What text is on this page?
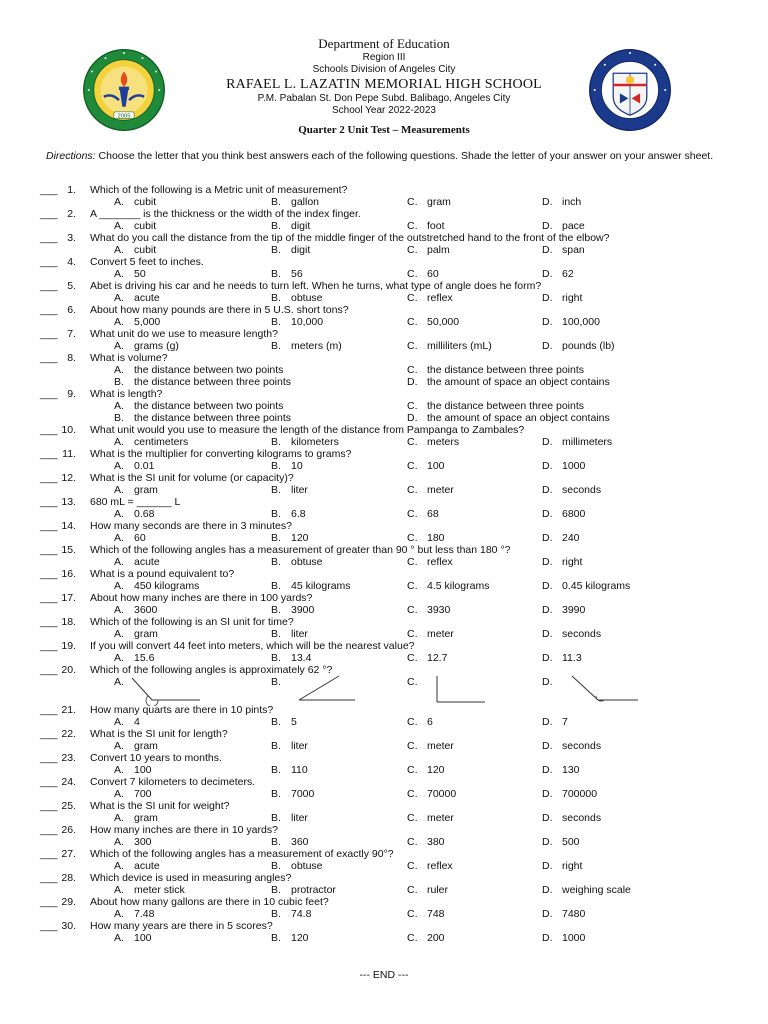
2005
Department of Education
Region III
Schools Division of Angeles City
RAFAEL L. LAZATIN MEMORIAL HIGH SCHOOL
P.M. Pabalan St. Don Pepe Subd. Balibago, Angeles City
School Year 2022-2023
Quarter 2 Unit Test – Measurements
Directions: Choose the letter that you think best answers each of the following questions. Shade the letter of your answer on your answer sheet.
___ 1. Which of the following is a Metric unit of measurement?
A. cubit	B. gallon	C. gram	D. inch
___ 2. A _______ is the thickness or the width of the index finger.
A. cubit	B. digit	C. foot	D. pace
___ 3. What do you call the distance from the tip of the middle finger of the outstretched hand to the front of the elbow?
A. cubit	B. digit	C. palm	D. span
___ 4. Convert 5 feet to inches.
A. 50	B. 56	C. 60	D. 62
___ 5. Abet is driving his car and he needs to turn left. When he turns, what type of angle does he form?
A. acute	B. obtuse	C. reflex	D. right
___ 6. About how many pounds are there in 5 U.S. short tons?
A. 5,000	B. 10,000	C. 50,000	D. 100,000
___ 7. What unit do we use to measure length?
A. grams (g)	B. meters (m)	C. milliliters (mL)	D. pounds (lb)
___ 8. What is volume?
A. the distance between two points	C. the distance between three points
B. the distance between three points	D. the amount of space an object contains
___ 9. What is length?
A. the distance between two points	C. the distance between three points
B. the distance between three points	D. the amount of space an object contains
___ 10. What unit would you use to measure the length of the distance from Pampanga to Zambales?
A. centimeters	B. kilometers	C. meters	D. millimeters
___ 11. What is the multiplier for converting kilograms to grams?
A. 0.01	B. 10	C. 100	D. 1000
___ 12. What is the SI unit for volume (or capacity)?
A. gram	B. liter	C. meter	D. seconds
___ 13. 680 mL = ______ L
A. 0.68	B. 6.8	C. 68	D. 6800
___ 14. How many seconds are there in 3 minutes?
A. 60	B. 120	C. 180	D. 240
___ 15. Which of the following angles has a measurement of greater than 90 ° but less than 180 °?
A. acute	B. obtuse	C. reflex	D. right
___ 16. What is a pound equivalent to?
A. 450 kilograms	B. 45 kilograms	C. 4.5 kilograms	D. 0.45 kilograms
___ 17. About how many inches are there in 100 yards?
A. 3600	B. 3900	C. 3930	D. 3990
___ 18. Which of the following is an SI unit for time?
A. gram	B. liter	C. meter	D. seconds
___ 19. If you will convert 44 feet into meters, which will be the nearest value?
A. 15.6	B. 13.4	C. 12.7	D. 11.3
___ 20. Which of the following angles is approximately 62 °?
A.	B.	C.	D.
___ 21. How many quarts are there in 10 pints?
A. 4	B. 5	C. 6	D. 7
___ 22. What is the SI unit for length?
A. gram	B. liter	C. meter	D. seconds
___ 23. Convert 10 years to months.
A. 100	B. 110	C. 120	D. 130
___ 24. Convert 7 kilometers to decimeters.
A. 700	B. 7000	C. 70000	D. 700000
___ 25. What is the SI unit for weight?
A. gram	B. liter	C. meter	D. seconds
___ 26. How many inches are there in 10 yards?
A. 300	B. 360	C. 380	D. 500
___ 27. Which of the following angles has a measurement of exactly 90°?
A. acute	B. obtuse	C. reflex	D. right
___ 28. Which device is used in measuring angles?
A. meter stick	B. protractor	C. ruler	D. weighing scale
___ 29. About how many gallons are there in 10 cubic feet?
A. 7.48	B. 74.8	C. 748	D. 7480
___ 30. How many years are there in 5 scores?
A. 100	B. 120	C. 200	D. 1000
--- END ---
